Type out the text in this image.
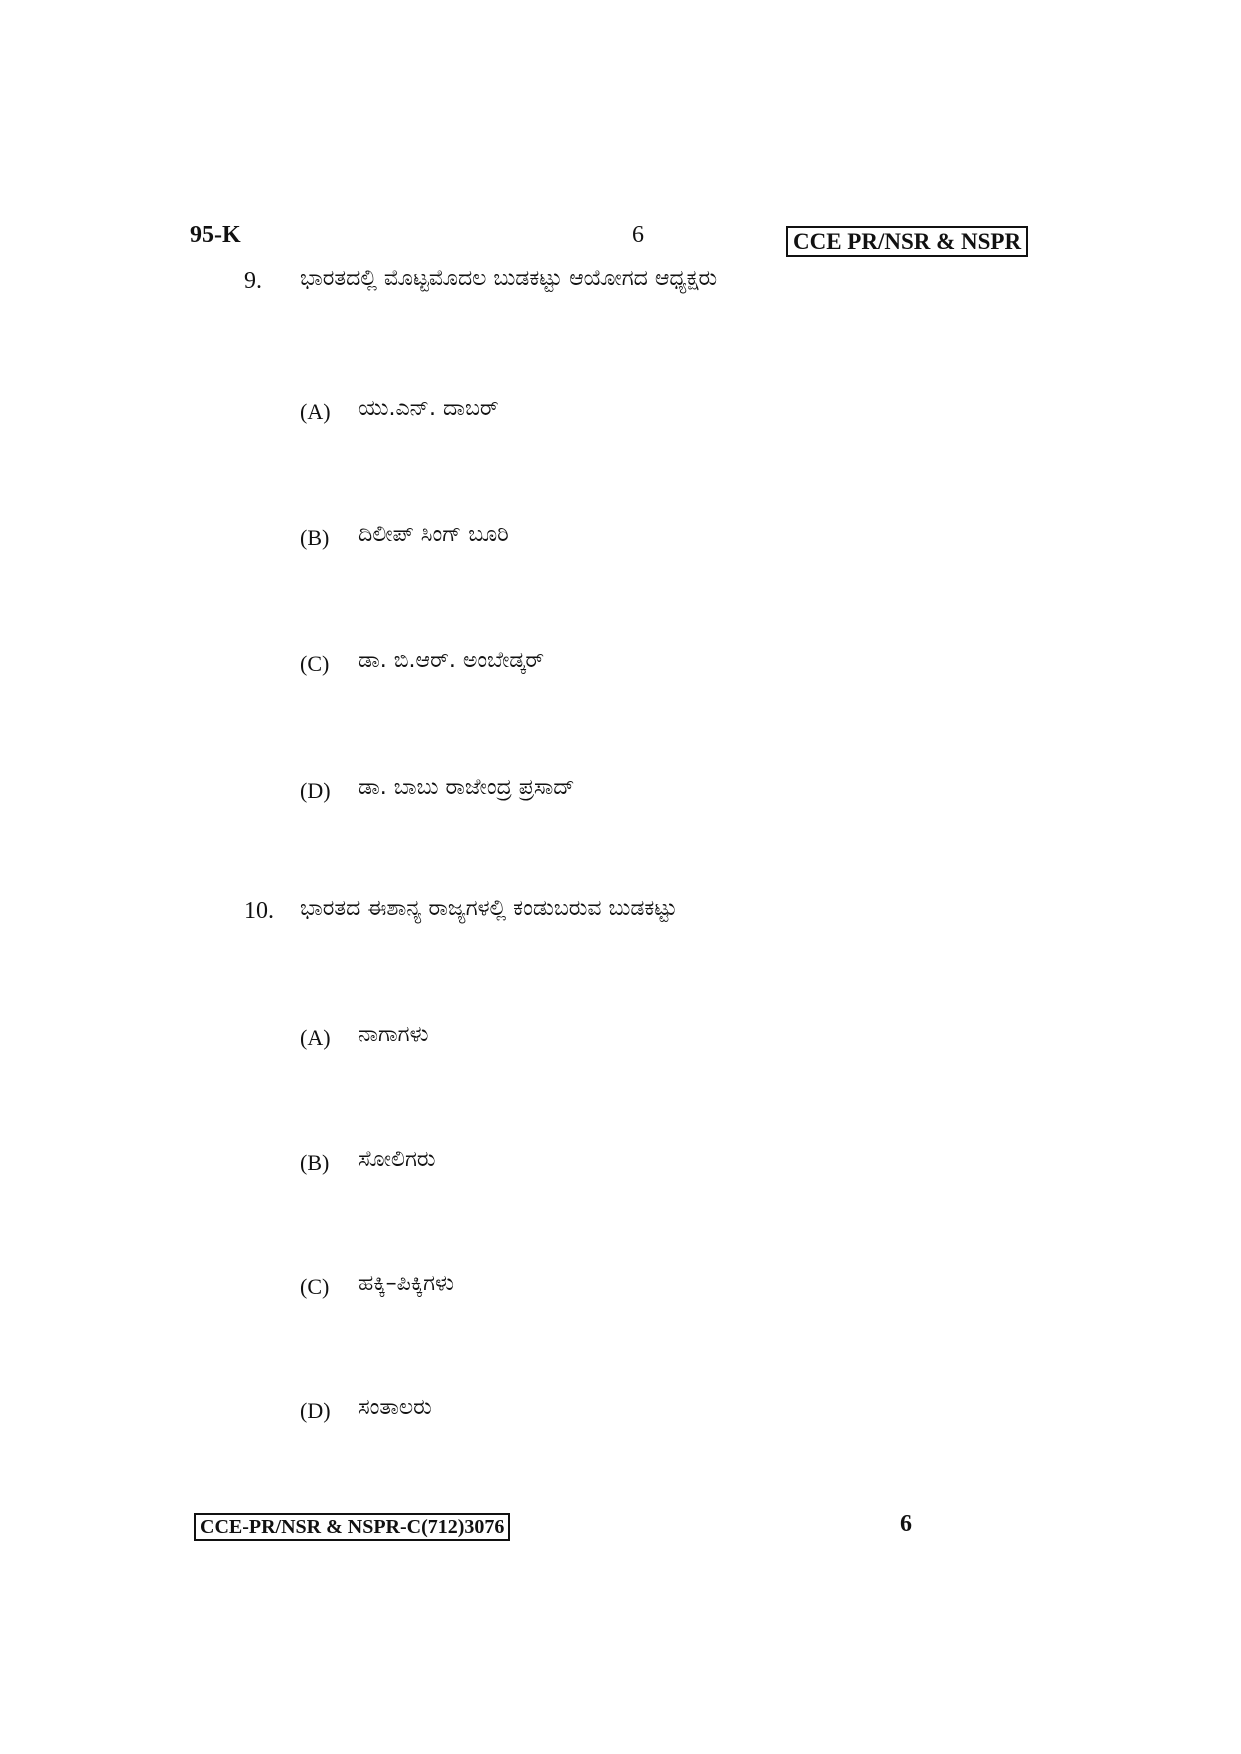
95-K	6	CCE PR/NSR & NSPR
9. ಭಾರತದಲ್ಲಿ ಮೊಟ್ಟಮೊದಲ ಬುಡಕಟ್ಟು ಆಯೋಗದ ಆಧ್ಯಕ್ಷರು
(A) ಯು.ಎನ್. ದಾಬರ್
(B) ದಿಲೀಪ್ ಸಿಂಗ್ ಬೂರಿ
(C) ಡಾ. ಬಿ.ಆರ್. ಅಂಬೇಡ್ಕರ್
(D) ಡಾ. ಬಾಬು ರಾಜೇಂದ್ರ ಪ್ರಸಾದ್
10. ಭಾರತದ ಈಶಾನ್ಯ ರಾಜ್ಯಗಳಲ್ಲಿ ಕಂಡುಬರುವ ಬುಡಕಟ್ಟು
(A) ನಾಗಾಗಳು
(B) ಸೋಲಿಗರು
(C) ಹಕ್ಕಿ–ಪಿಕ್ಕಿಗಳು
(D) ಸಂತಾಲರು
CCE-PR/NSR & NSPR-C(712)3076	6
